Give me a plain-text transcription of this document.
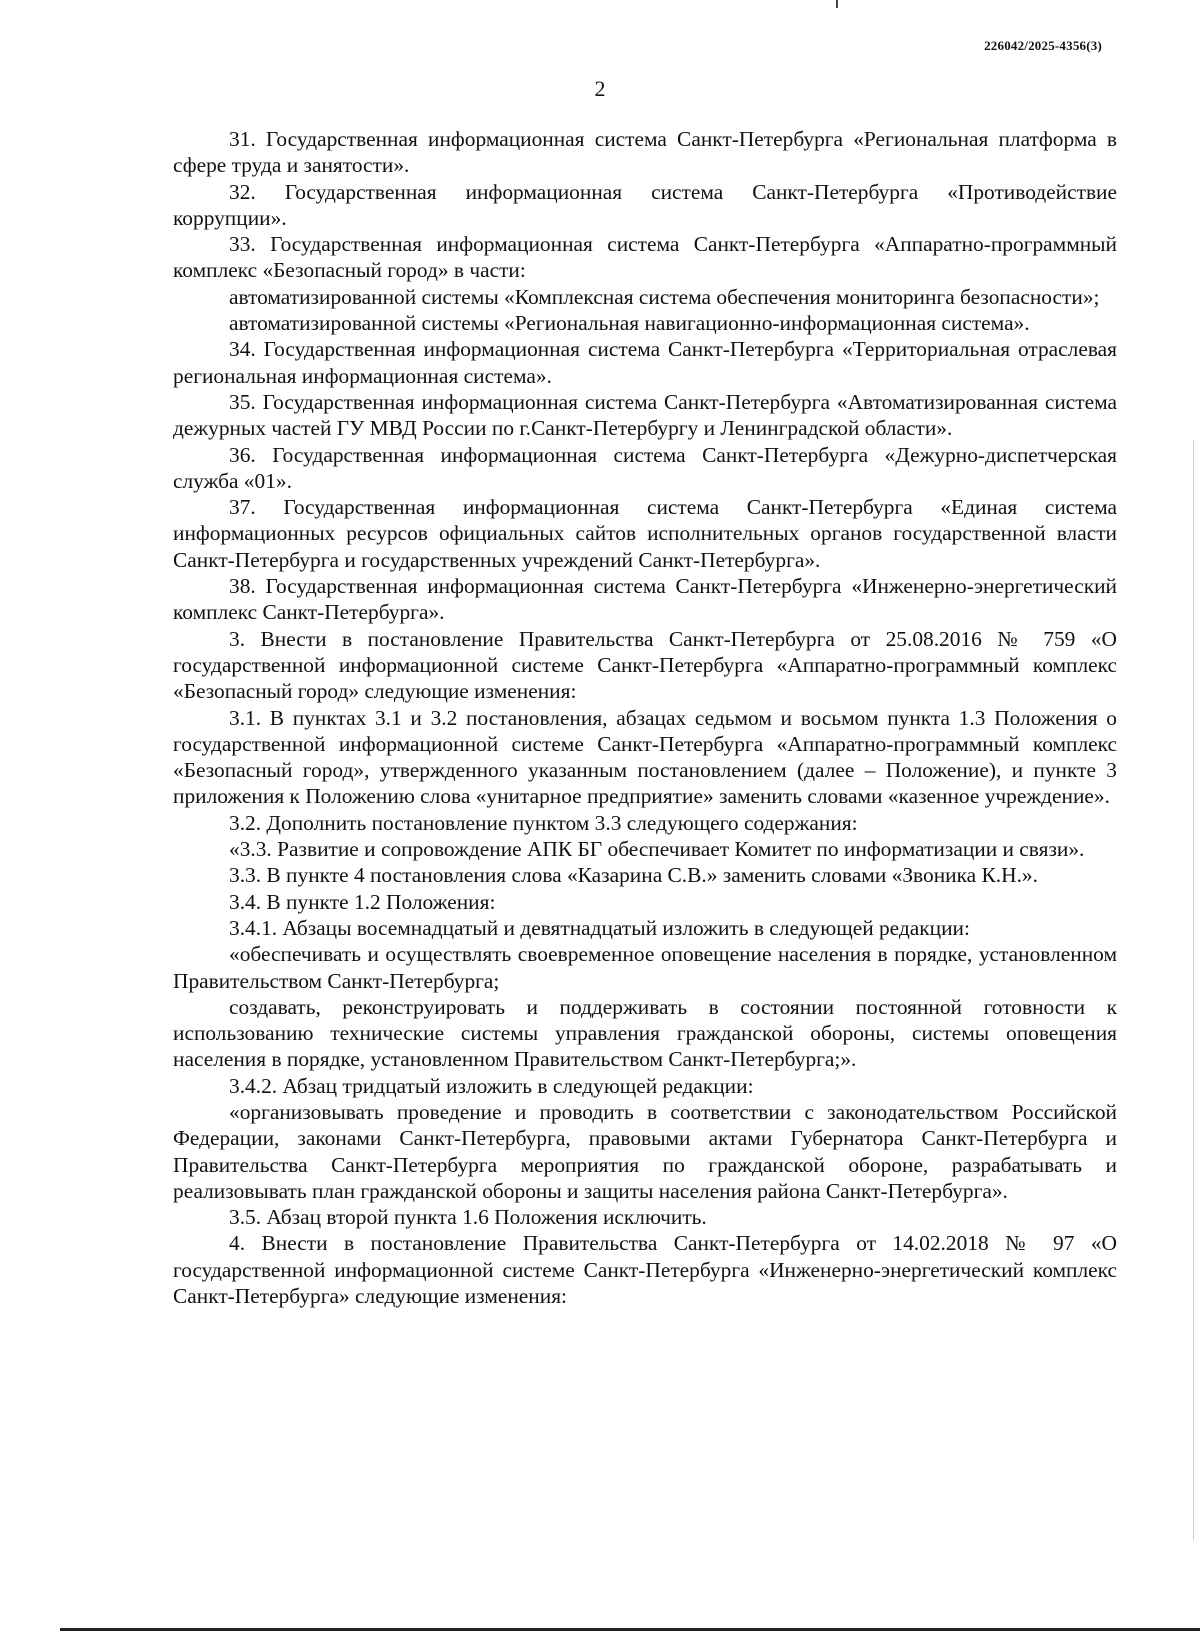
226042/2025-4356(3)
2

31. Государственная информационная система Санкт-Петербурга «Региональная платформа в сфере труда и занятости».

32. Государственная информационная система Санкт-Петербурга «Противодействие коррупции».

33. Государственная информационная система Санкт-Петербурга «Аппаратно-программный комплекс «Безопасный город» в части:

автоматизированной системы «Комплексная система обеспечения мониторинга безопасности»;

автоматизированной системы «Региональная навигационно-информационная система».

34. Государственная информационная система Санкт-Петербурга «Территориальная отраслевая региональная информационная система».

35. Государственная информационная система Санкт-Петербурга «Автоматизированная система дежурных частей ГУ МВД России по г.Санкт-Петербургу и Ленинградской области».

36. Государственная информационная система Санкт-Петербурга «Дежурно-диспетчерская служба «01».

37. Государственная информационная система Санкт-Петербурга «Единая система информационных ресурсов официальных сайтов исполнительных органов государственной власти Санкт-Петербурга и государственных учреждений Санкт-Петербурга».

38. Государственная информационная система Санкт-Петербурга «Инженерно-энергетический комплекс Санкт-Петербурга».

3. Внести в постановление Правительства Санкт-Петербурга от 25.08.2016 № 759 «О государственной информационной системе Санкт-Петербурга «Аппаратно-программный комплекс «Безопасный город» следующие изменения:

3.1. В пунктах 3.1 и 3.2 постановления, абзацах седьмом и восьмом пункта 1.3 Положения о государственной информационной системе Санкт-Петербурга «Аппаратно-программный комплекс «Безопасный город», утвержденного указанным постановлением (далее – Положение), и пункте 3 приложения к Положению слова «унитарное предприятие» заменить словами «казенное учреждение».

3.2. Дополнить постановление пунктом 3.3 следующего содержания:

«3.3. Развитие и сопровождение АПК БГ обеспечивает Комитет по информатизации и связи».

3.3. В пункте 4 постановления слова «Казарина С.В.» заменить словами «Звоника К.Н.».

3.4. В пункте 1.2 Положения:

3.4.1. Абзацы восемнадцатый и девятнадцатый изложить в следующей редакции:

«обеспечивать и осуществлять своевременное оповещение населения в порядке, установленном Правительством Санкт-Петербурга;

создавать, реконструировать и поддерживать в состоянии постоянной готовности к использованию технические системы управления гражданской обороны, системы оповещения населения в порядке, установленном Правительством Санкт-Петербурга;».

3.4.2. Абзац тридцатый изложить в следующей редакции:

«организовывать проведение и проводить в соответствии с законодательством Российской Федерации, законами Санкт-Петербурга, правовыми актами Губернатора Санкт-Петербурга и Правительства Санкт-Петербурга мероприятия по гражданской обороне, разрабатывать и реализовывать план гражданской обороны и защиты населения района Санкт-Петербурга».

3.5. Абзац второй пункта 1.6 Положения исключить.

4. Внести в постановление Правительства Санкт-Петербурга от 14.02.2018 № 97 «О государственной информационной системе Санкт-Петербурга «Инженерно-энергетический комплекс Санкт-Петербурга» следующие изменения:
